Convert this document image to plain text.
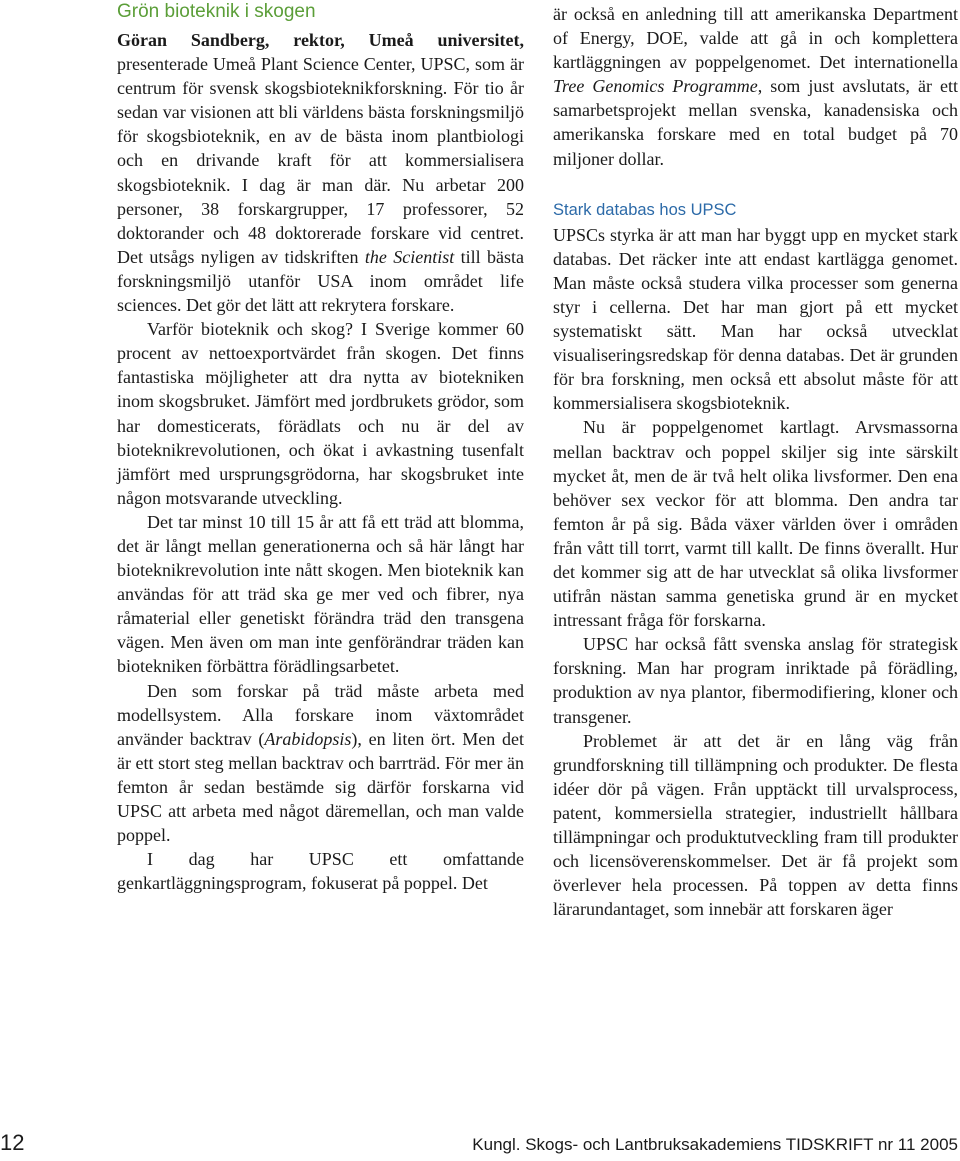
Grön bioteknik i skogen

Göran Sandberg, rektor, Umeå universitet, presenterade Umeå Plant Science Center, UPSC, som är centrum för svensk skogsbioteknikforskning. För tio år sedan var visionen att bli världens bästa forskningsmiljö för skogsbioteknik, en av de bästa inom plantbiologi och en drivande kraft för att kommersialisera skogsbioteknik. I dag är man där. Nu arbetar 200 personer, 38 forskargrupper, 17 professorer, 52 doktorander och 48 doktorerade forskare vid centret. Det utsågs nyligen av tidskriften the Scientist till bästa forskningsmiljö utanför USA inom området life sciences. Det gör det lätt att rekrytera forskare.

Varför bioteknik och skog? I Sverige kommer 60 procent av nettoexportvärdet från skogen. Det finns fantastiska möjligheter att dra nytta av biotekniken inom skogsbruket. Jämfört med jordbrukets grödor, som har domesticerats, förädlats och nu är del av bioteknikrevolutionen, och ökat i avkastning tusenfalt jämfört med ursprungsgrödorna, har skogsbruket inte någon motsvarande utveckling.

Det tar minst 10 till 15 år att få ett träd att blomma, det är långt mellan generationerna och så här långt har bioteknikrevolution inte nått skogen. Men bioteknik kan användas för att träd ska ge mer ved och fibrer, nya råmaterial eller genetiskt förändra träd den transgena vägen. Men även om man inte genförändrar träden kan biotekniken förbättra förädlingsarbetet.

Den som forskar på träd måste arbeta med modellsystem. Alla forskare inom växtområdet använder backtrav (Arabidopsis), en liten ört. Men det är ett stort steg mellan backtrav och barrträd. För mer än femton år sedan bestämde sig därför forskarna vid UPSC att arbeta med något däremellan, och man valde poppel.

I dag har UPSC ett omfattande genkartläggningsprogram, fokuserat på poppel. Det

är också en anledning till att amerikanska Department of Energy, DOE, valde att gå in och komplettera kartläggningen av poppelgenomet. Det internationella Tree Genomics Programme, som just avslutats, är ett samarbetsprojekt mellan svenska, kanadensiska och amerikanska forskare med en total budget på 70 miljoner dollar.

Stark databas hos UPSC

UPSCs styrka är att man har byggt upp en mycket stark databas. Det räcker inte att endast kartlägga genomet. Man måste också studera vilka processer som generna styr i cellerna. Det har man gjort på ett mycket systematiskt sätt. Man har också utvecklat visualiseringsredskap för denna databas. Det är grunden för bra forskning, men också ett absolut måste för att kommersialisera skogsbioteknik.

Nu är poppelgenomet kartlagt. Arvsmassorna mellan backtrav och poppel skiljer sig inte särskilt mycket åt, men de är två helt olika livsformer. Den ena behöver sex veckor för att blomma. Den andra tar femton år på sig. Båda växer världen över i områden från vått till torrt, varmt till kallt. De finns överallt. Hur det kommer sig att de har utvecklat så olika livsformer utifrån nästan samma genetiska grund är en mycket intressant fråga för forskarna.

UPSC har också fått svenska anslag för strategisk forskning. Man har program inriktade på förädling, produktion av nya plantor, fibermodifiering, kloner och transgener.

Problemet är att det är en lång väg från grundforskning till tillämpning och produkter. De flesta idéer dör på vägen. Från upptäckt till urvalsprocess, patent, kommersiella strategier, industriellt hållbara tillämpningar och produktutveckling fram till produkter och licensöverenskommelser. Det är få projekt som överlever hela processen. På toppen av detta finns lärarundantaget, som innebär att forskaren äger

12	Kungl. Skogs- och Lantbruksakademiens TIDSKRIFT nr 11 2005
